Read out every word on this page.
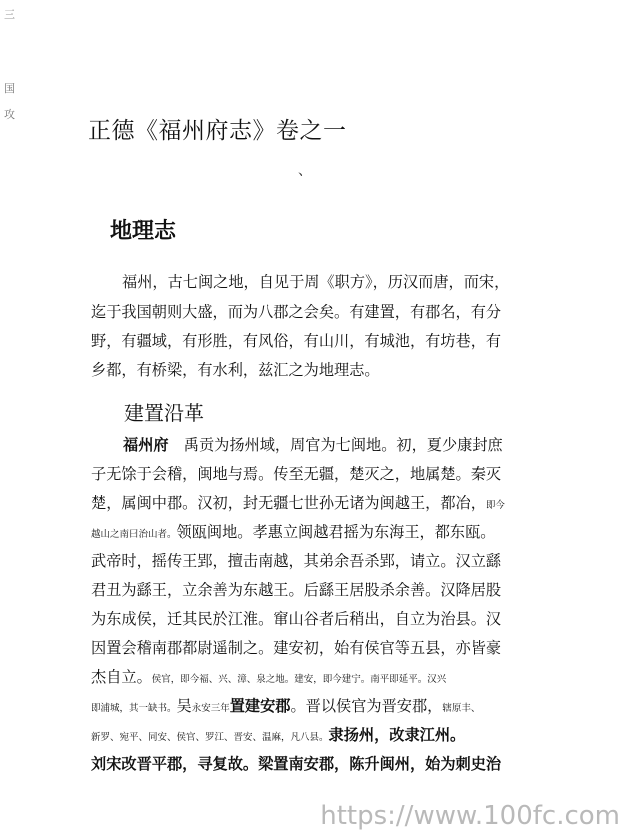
三
国
攻
正德《福州府志》卷之一
、
地理志
福州，古七闽之地，自见于周《职方》，历汉而唐，而宋，
迄于我国朝则大盛，而为八郡之会矣。有建置，有郡名，有分
野，有疆域，有形胜，有风俗，有山川，有城池，有坊巷，有
乡都，有桥梁，有水利，兹汇之为地理志。
建置沿革
福州府　禹贡为扬州域，周官为七闽地。初，夏少康封庶
子无馀于会稽，闽地与焉。传至无疆，楚灭之，地属楚。秦灭
楚，属闽中郡。汉初，封无疆七世孙无诸为闽越王，都冶，即今
越山之南曰治山者。领瓯闽地。孝惠立闽越君摇为东海王，都东瓯。
武帝时，摇传王郢，擅击南越，其弟余吾杀郢，请立。汉立繇
君丑为繇王，立余善为东越王。后繇王居股杀余善。汉降居股
为东成侯，迁其民於江淮。窜山谷者后稍出，自立为治县。汉
因置会稽南郡都尉遥制之。建安初，始有侯官等五县，亦皆豪
杰自立。侯官，即今福、兴、漳、泉之地。建安，即今建宁。南平即延平。汉兴
即浦城，其一缺书。吴永安三年置建安郡。晋以侯官为晋安郡，辖原丰、
新罗、宛平、同安、侯官、罗江、晋安、温麻，凡八县。隶扬州，改隶江州。
刘宋改晋平郡，寻复故。梁置南安郡，陈升闽州，始为刺史治
https://www.100fc.com
